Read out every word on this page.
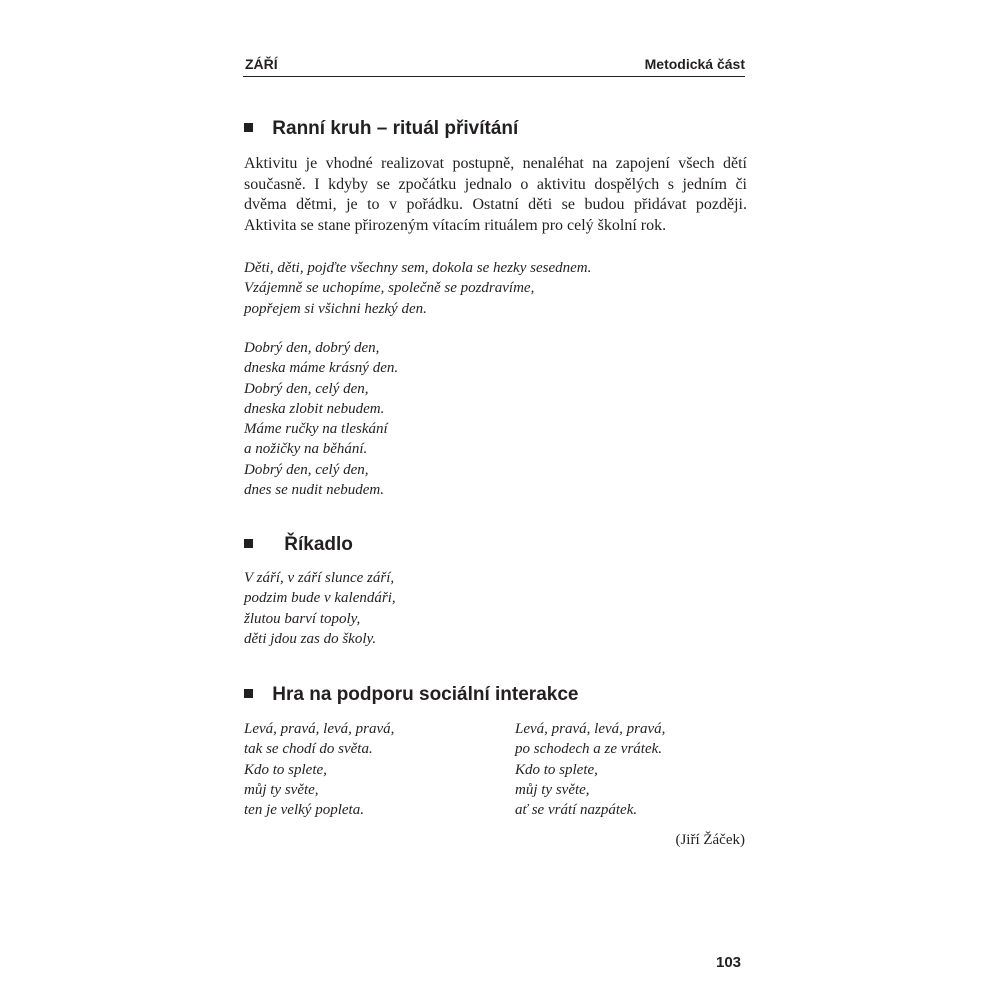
ZÁŘÍ	Metodická část
Ranní kruh – rituál přivítání
Aktivitu je vhodné realizovat postupně, nenaléhat na zapojení všech dětí
současně. I kdyby se zpočátku jednalo o aktivitu dospělých s jedním či
dvěma dětmi, je to v pořádku. Ostatní děti se budou přidávat později.
Aktivita se stane přirozeným vítacím rituálem pro celý školní rok.
Děti, děti, pojďte všechny sem, dokola se hezky sesednem.
Vzájemně se uchopíme, společně se pozdravíme,
popřejem si všichni hezký den.
Dobrý den, dobrý den,
dneska máme krásný den.
Dobrý den, celý den,
dneska zlobit nebudem.
Máme ručky na tleskání
a nožičky na běhání.
Dobrý den, celý den,
dnes se nudit nebudem.
Říkadlo
V září, v září slunce září,
podzim bude v kalendáři,
žlutou barví topoly,
děti jdou zas do školy.
Hra na podporu sociální interakce
Levá, pravá, levá, pravá,
tak se chodí do světa.
Kdo to splete,
můj ty světe,
ten je velký popleta.
Levá, pravá, levá, pravá,
po schodech a ze vrátek.
Kdo to splete,
můj ty světe,
ať se vrátí nazpátek.
(Jiří Žáček)
103
